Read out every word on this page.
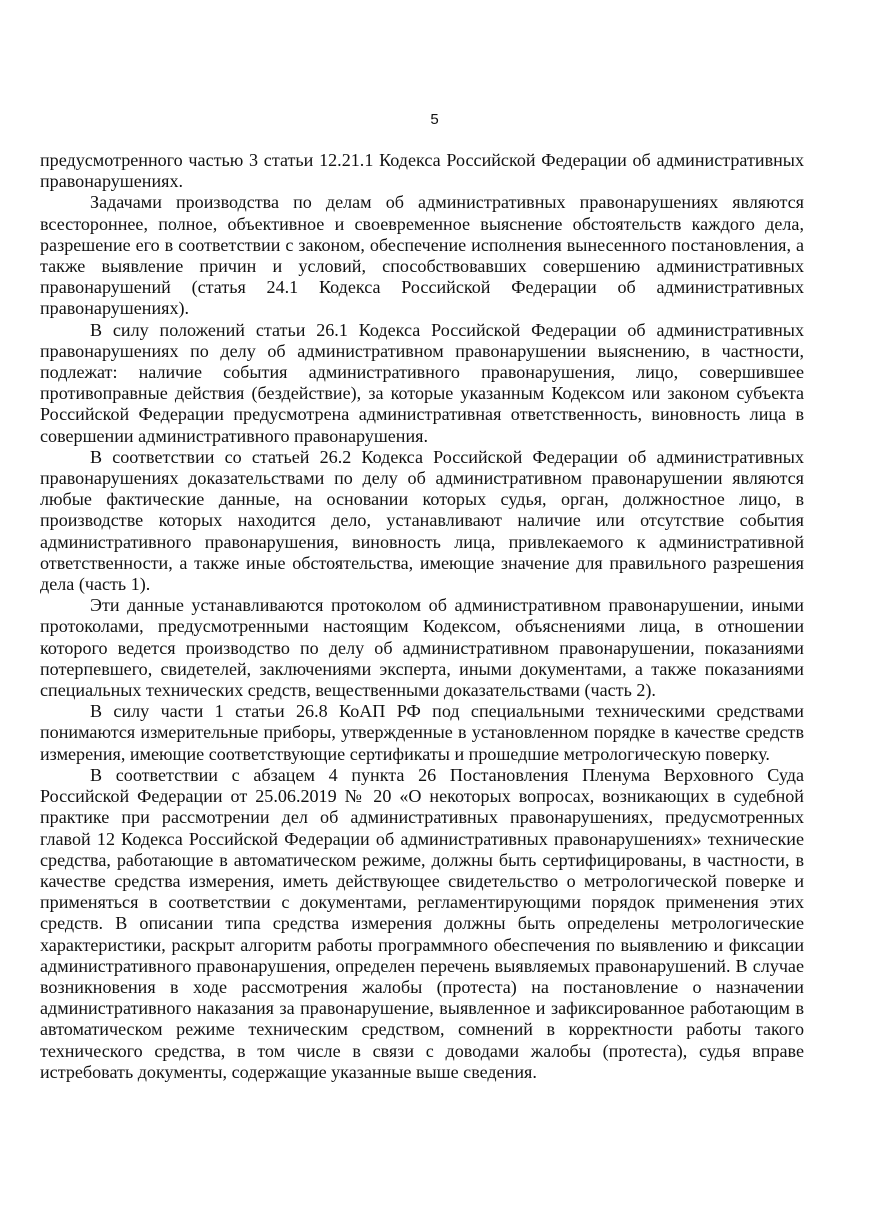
5

предусмотренного частью 3 статьи 12.21.1 Кодекса Российской Федерации об административных правонарушениях.

Задачами производства по делам об административных правонарушениях являются всестороннее, полное, объективное и своевременное выяснение обстоятельств каждого дела, разрешение его в соответствии с законом, обеспечение исполнения вынесенного постановления, а также выявление причин и условий, способствовавших совершению административных правонарушений (статья 24.1 Кодекса Российской Федерации об административных правонарушениях).

В силу положений статьи 26.1 Кодекса Российской Федерации об административных правонарушениях по делу об административном правонарушении выяснению, в частности, подлежат: наличие события административного правонарушения, лицо, совершившее противоправные действия (бездействие), за которые указанным Кодексом или законом субъекта Российской Федерации предусмотрена административная ответственность, виновность лица в совершении административного правонарушения.

В соответствии со статьей 26.2 Кодекса Российской Федерации об административных правонарушениях доказательствами по делу об административном правонарушении являются любые фактические данные, на основании которых судья, орган, должностное лицо, в производстве которых находится дело, устанавливают наличие или отсутствие события административного правонарушения, виновность лица, привлекаемого к административной ответственности, а также иные обстоятельства, имеющие значение для правильного разрешения дела (часть 1).

Эти данные устанавливаются протоколом об административном правонарушении, иными протоколами, предусмотренными настоящим Кодексом, объяснениями лица, в отношении которого ведется производство по делу об административном правонарушении, показаниями потерпевшего, свидетелей, заключениями эксперта, иными документами, а также показаниями специальных технических средств, вещественными доказательствами (часть 2).

В силу части 1 статьи 26.8 КоАП РФ под специальными техническими средствами понимаются измерительные приборы, утвержденные в установленном порядке в качестве средств измерения, имеющие соответствующие сертификаты и прошедшие метрологическую поверку.

В соответствии с абзацем 4 пункта 26 Постановления Пленума Верховного Суда Российской Федерации от 25.06.2019 № 20 «О некоторых вопросах, возникающих в судебной практике при рассмотрении дел об административных правонарушениях, предусмотренных главой 12 Кодекса Российской Федерации об административных правонарушениях» технические средства, работающие в автоматическом режиме, должны быть сертифицированы, в частности, в качестве средства измерения, иметь действующее свидетельство о метрологической поверке и применяться в соответствии с документами, регламентирующими порядок применения этих средств. В описании типа средства измерения должны быть определены метрологические характеристики, раскрыт алгоритм работы программного обеспечения по выявлению и фиксации административного правонарушения, определен перечень выявляемых правонарушений. В случае возникновения в ходе рассмотрения жалобы (протеста) на постановление о назначении административного наказания за правонарушение, выявленное и зафиксированное работающим в автоматическом режиме техническим средством, сомнений в корректности работы такого технического средства, в том числе в связи с доводами жалобы (протеста), судья вправе истребовать документы, содержащие указанные выше сведения.
